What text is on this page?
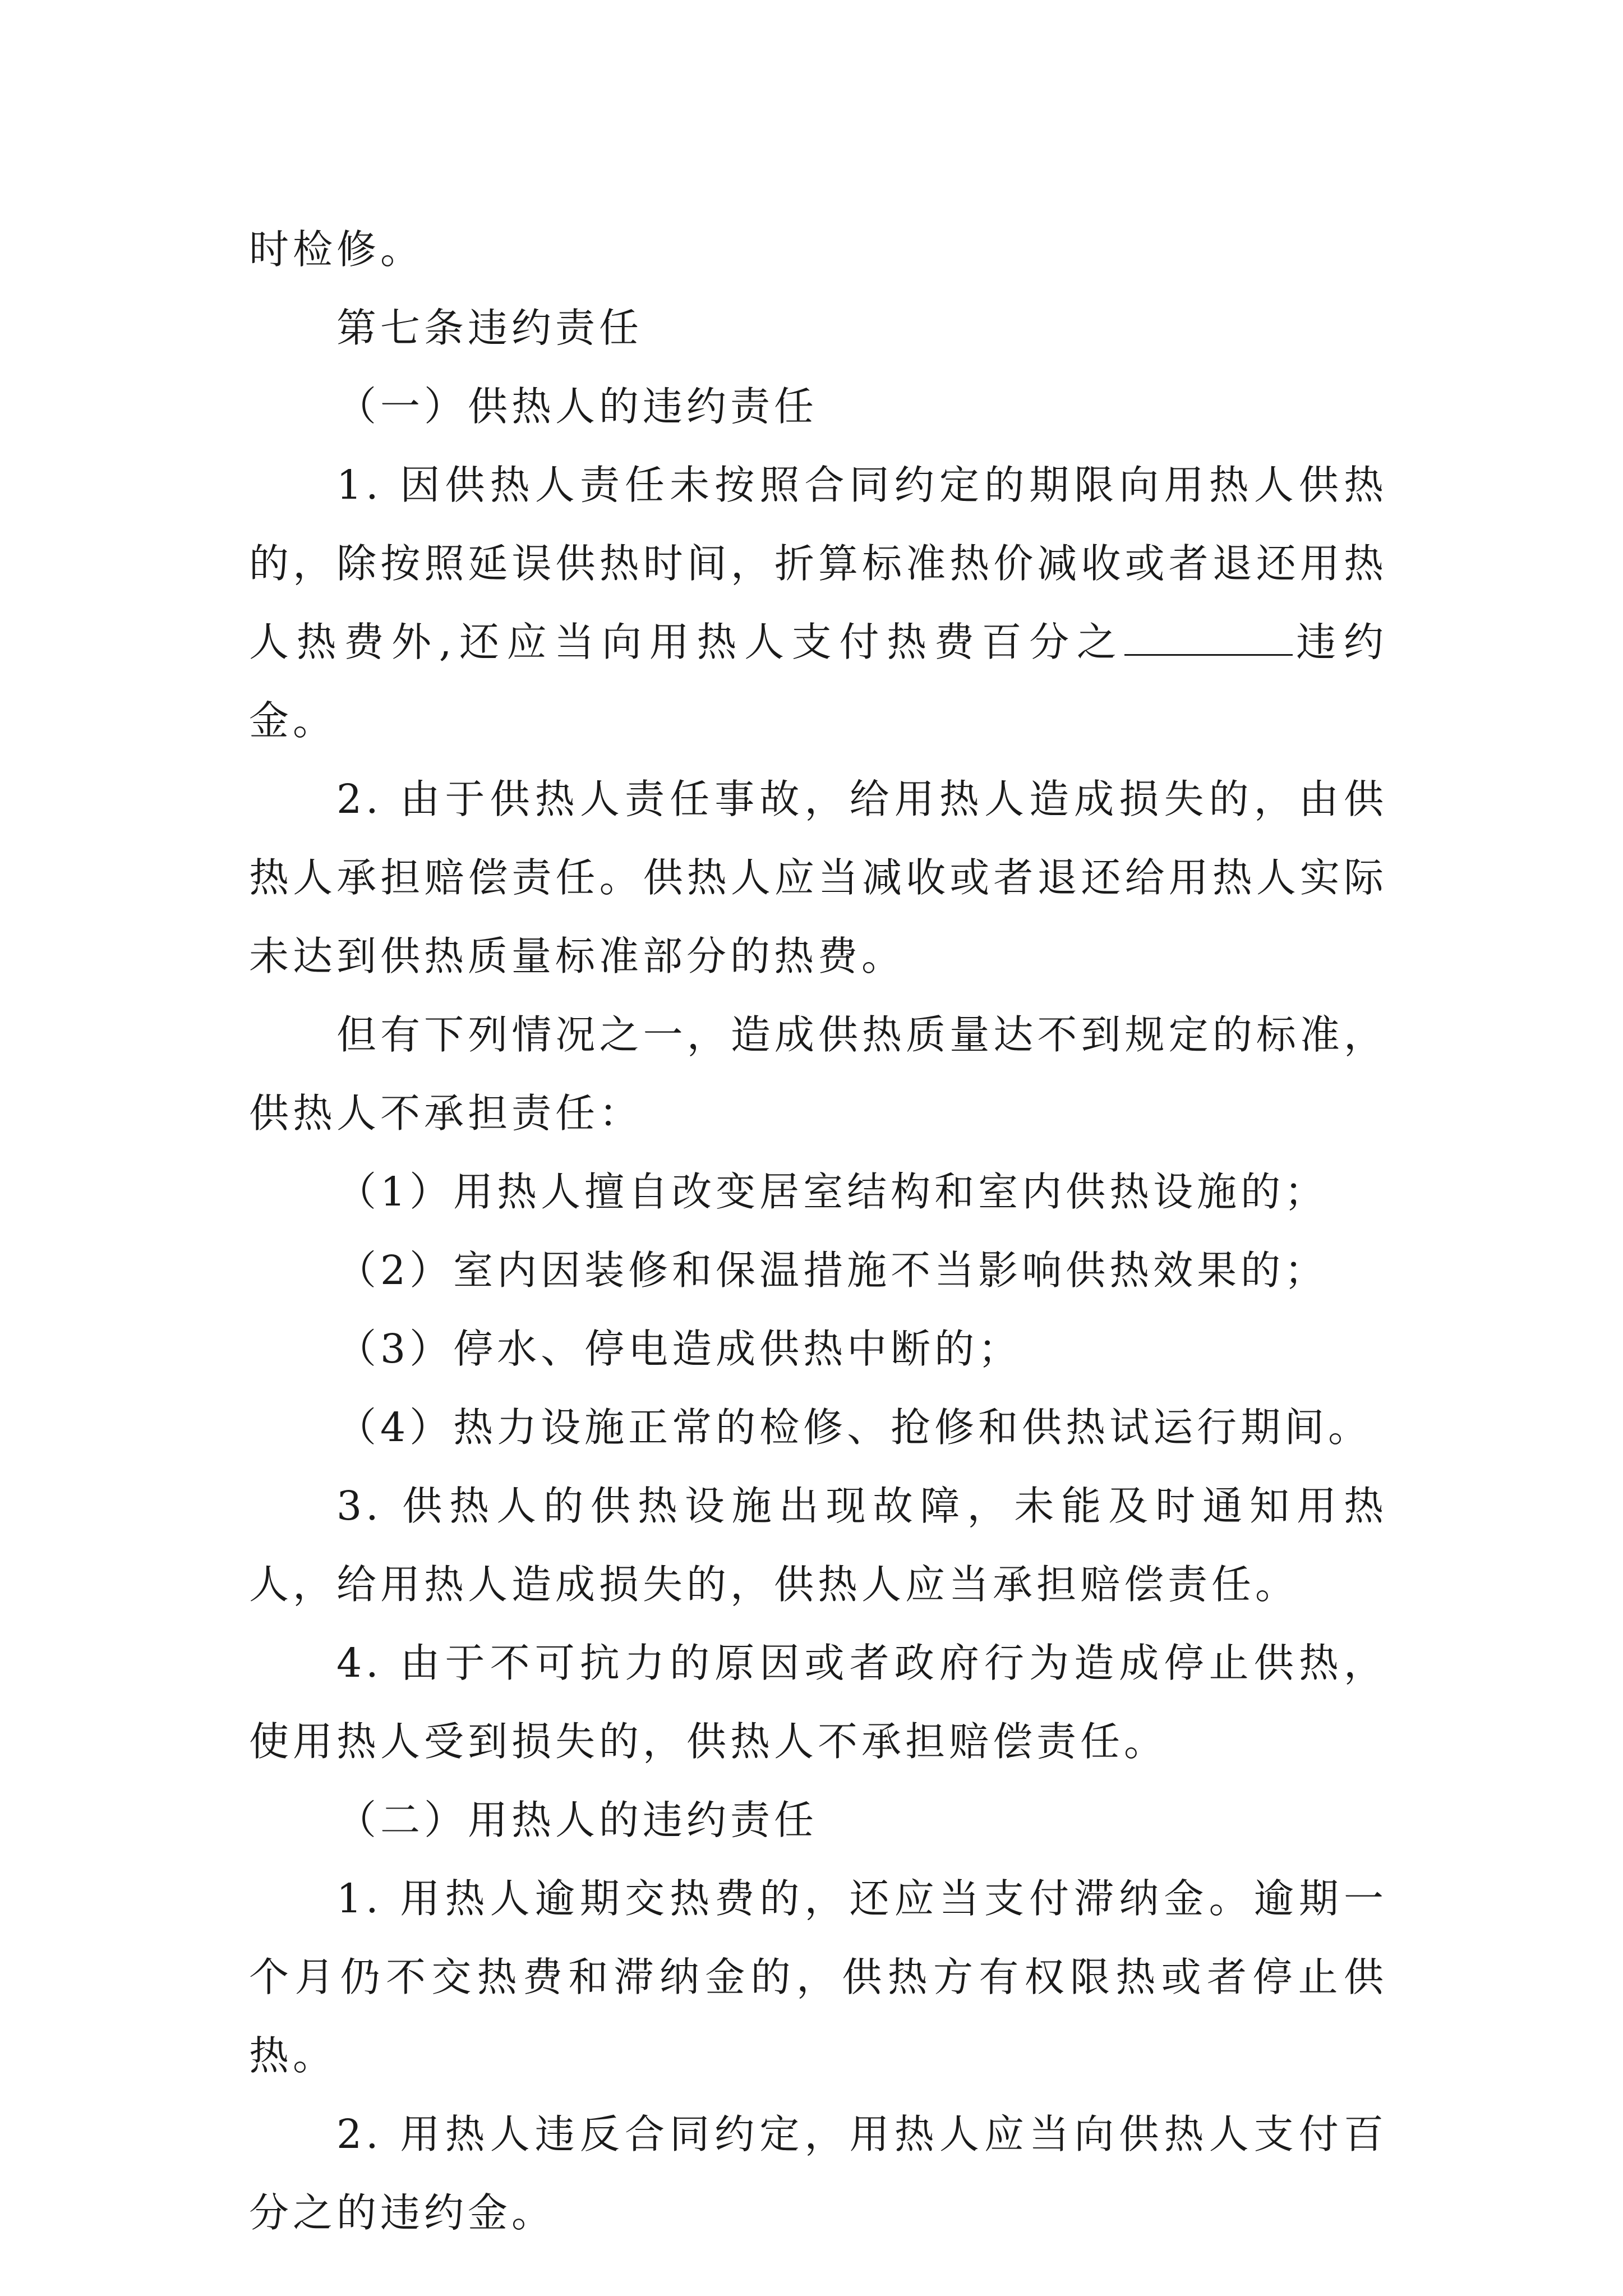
时检修。

第七条违约责任

（一）供热人的违约责任

1. 因供热人责任未按照合同约定的期限向用热人供热的，除按照延误供热时间，折算标准热价减收或者退还用热人热费外,还应当向用热人支付热费百分之	违约金。

2. 由于供热人责任事故，给用热人造成损失的，由供热人承担赔偿责任。供热人应当减收或者退还给用热人实际未达到供热质量标准部分的热费。

但有下列情况之一，造成供热质量达不到规定的标准，供热人不承担责任：

（1）用热人擅自改变居室结构和室内供热设施的；

（2）室内因装修和保温措施不当影响供热效果的；

（3）停水、停电造成供热中断的；

（4）热力设施正常的检修、抢修和供热试运行期间。

3. 供热人的供热设施出现故障，未能及时通知用热人，给用热人造成损失的，供热人应当承担赔偿责任。

4. 由于不可抗力的原因或者政府行为造成停止供热，使用热人受到损失的，供热人不承担赔偿责任。

（二）用热人的违约责任

1. 用热人逾期交热费的，还应当支付滞纳金。逾期一个月仍不交热费和滞纳金的，供热方有权限热或者停止供热。

2. 用热人违反合同约定，用热人应当向供热人支付百分之的违约金。
